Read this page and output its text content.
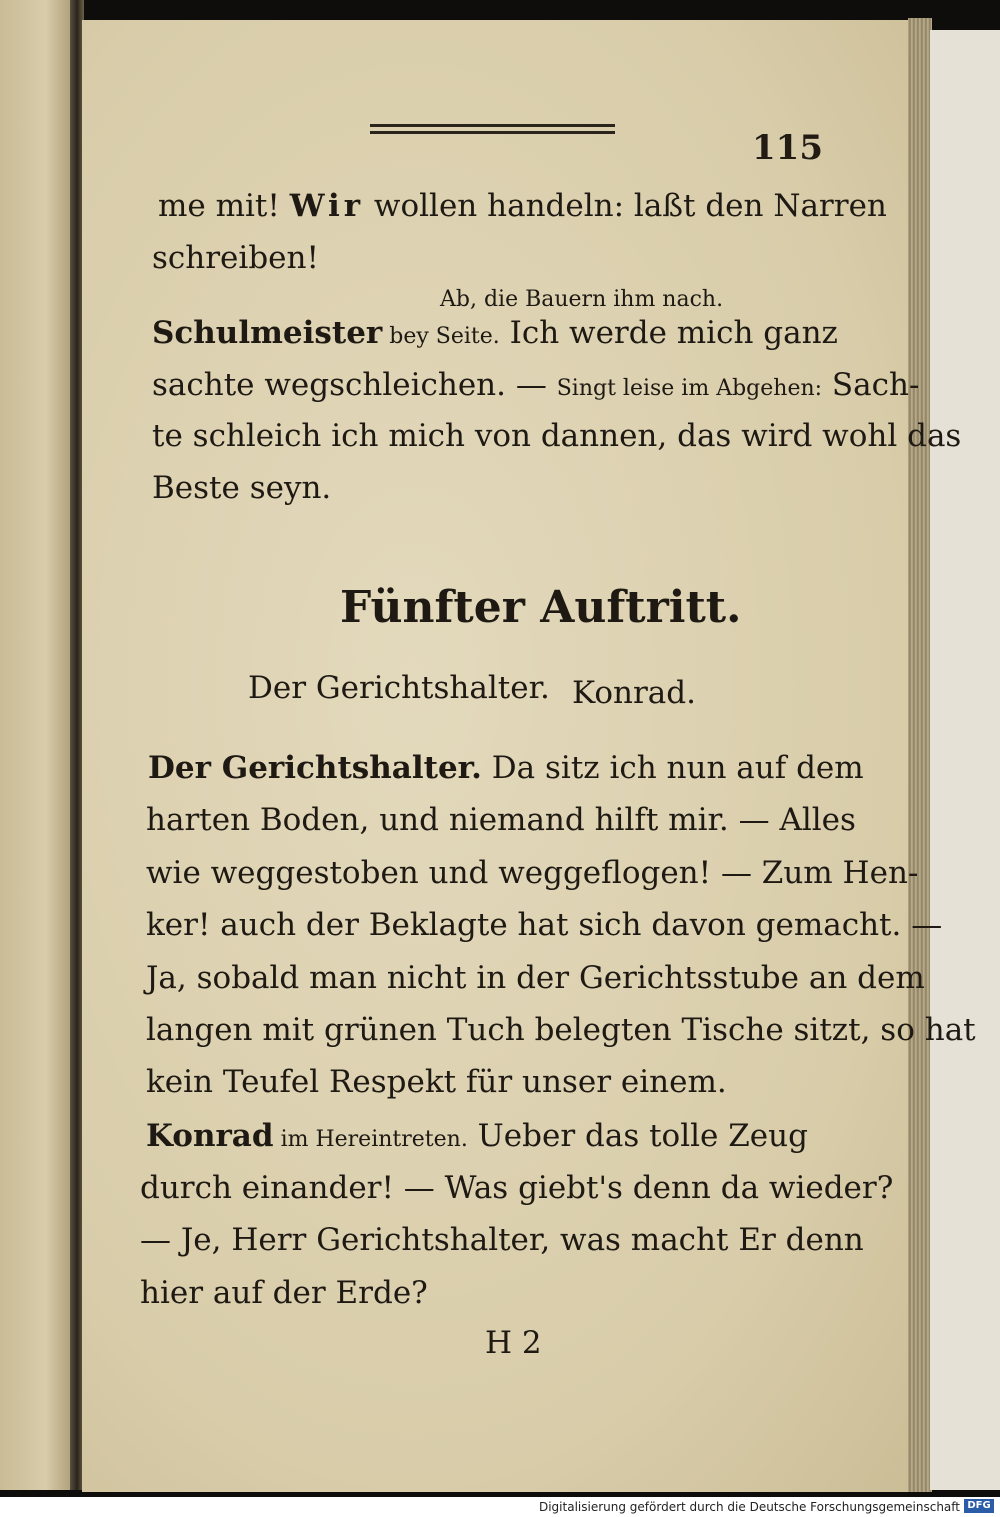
115
me mit! Wir wollen handeln: laßt den Narren
schreiben!
Ab, die Bauern ihm nach.
Schulmeister bey Seite. Ich werde mich ganz
sachte wegschleichen. — Singt leise im Abgehen: Sach-
te schleich ich mich von dannen, das wird wohl das
Beste seyn.
Fünfter Auftritt.
Der Gerichtshalter. Konrad.
Der Gerichtshalter. Da sitz ich nun auf dem
harten Boden, und niemand hilft mir. — Alles
wie weggestoben und weggeflogen! — Zum Hen-
ker! auch der Beklagte hat sich davon gemacht. —
Ja, sobald man nicht in der Gerichtsstube an dem
langen mit grünen Tuch belegten Tische sitzt, so hat
kein Teufel Respekt für unser einem.
Konrad im Hereintreten. Ueber das tolle Zeug
durch einander! — Was giebt's denn da wieder?
— Je, Herr Gerichtshalter, was macht Er denn
hier auf der Erde?
H 2
Digitalisierung gefördert durch die Deutsche Forschungsgemeinschaft DFG
